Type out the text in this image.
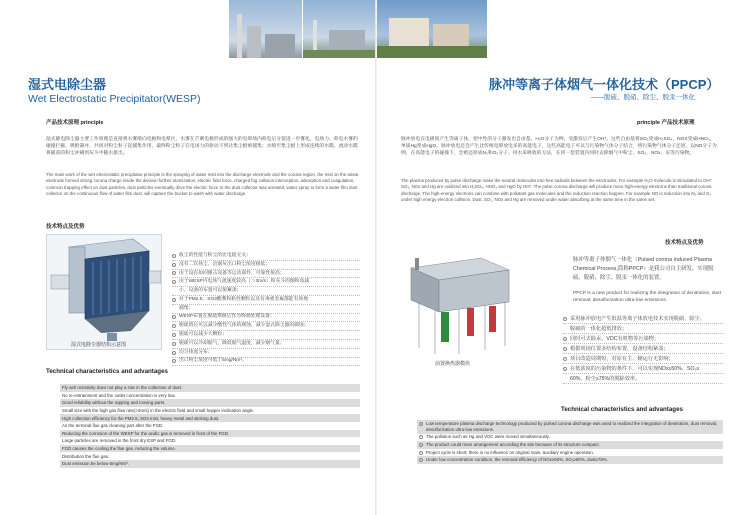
湿式电除尘器
Wet Electrostatic Precipitator(WESP)
产品技术原理 principle
湿式静电除尘器主要工作原理是直接将水雾喷向电极和电晕区，水雾在芒刺电极形成的强大的电晕场内荷电后分裂进一步雾化，电场力、荷电水雾的碰撞拦截、吸附凝并，共同对粉尘粒子起捕集作用，最终粉尘粒子在电场力的驱动下到达集尘板被捕集；水喷至集尘板上形成连续的水膜，流动水膜将捕获的粉尘冲刷到灰斗中随水排出。
The main work of the wet electrostatic precipitator principle is the spraying of water mist into the discharge electrode and the corona region, the mist on the arista electrode formed strong corona charge inside the division further atomization, electric field force, charged fog collision interception, adsorption and coagulation, common trapping effect on dust particles, dust particles eventually drive the electric force to the dust collector was arrested, water spray to form a water film dust collector on the continuous flow of water film dust, will capture the bucket to wash with water discharge.
技术特点及优势
湿式电除尘器结构示意图
收尘的性能与粉尘的比电阻无关；
没有二次扬尘，出烟灰出口粉尘浓度极低；
由于没有如同锤击设备等运动部件，可靠性很高；
由于WESP内电场气流速度较高（＞3m/s）和灰斗的烟和角减
小，设备的布置可以很紧凑；
对于PM2.5、SO3酸雾和粘性颗粒以及有毒重金属都能有效地
捕集；
WESP布置在脱硫系统后作为终端处理设备；
脱硫塔后可以减少酸性气体的腐蚀，减少湿式除尘器的腐蚀；
脱硫可以减少大颗粒；
脱硫可以冷却烟气，降低烟气温度，减少烟气量；
均匀排流分布；
出口粉尘浓度可低于5mg/Nm³。
Technical characteristics and advantages
Fly ash resistivity does not play a role in the collection of dust.
No re-entrainment and the outlet concentration is very low.
Good reliability without the rapping and moving parts.
Small size with the high gas flow rate(>3m/s) in the electric field and small hopper inclination angle.
High collection efficiency for the PM2.5, SO3 mist, heavy metal and sticking dust.
As the terminal flue gas cleaning part after the FGD.
Reducing the corrosion of the WESP for the acidic gas is removed in front of the FGD.
Large particles are removed in the front dry ESP and FGD.
FGD causes the cooling the flue gas, reducing the volume.
Distribution the flue gas.
Dust emission be below 5mg/Nm³.
脉冲等离子体烟气一体化技术（PPCP）
——脱硫、脱硝、除尘、脱汞一体化
principle 产品技术原理
脉冲放电在电极间产生等离子体，把中性的分子激发出自由基，H₂O分子为例，受激发后产生OH*。这些自由基将SO₂变成H₂SO₄，NOX变成HNO₃，单质Hg变成HgO。脉冲放电还会产生比传统电晕放电多的高能电子，这些高能电子可以与污染物气体分子结合，将污染物气体分子还原。以NO分子为例，在高能电子的碰撞下，会被还原成N₂和O₂分子。用水来吸收的方法，在同一套装置内同时去除烟气中粉尘、SO₂、NOx、汞等污染物。
The plasma produced by pulse discharge make the neutral molecules into free radicals between the electrodes. For example H₂O molecule is stimulated to OH*. SO₂, NOx and Hg are oxidized into H₂SO₄, HNO₃ and HgO by OH*. The pulse corona discharge will produce more high-energy electrons than traditional corona discharge. The high-energy electrons can combine with pollutant gas molecules and the reduction reaction happen. For example NO is reduction into N₂ and O₂ under high energy electron collision. Dust, SO₂, NOx and Hg are removed under water absorbing at the same time in the same set.
技术特点及优势
前置换热器模块
脉冲等离子体烟气一体化（Pulsed corona induced Plasma Chemical Process,简称PPCP）是我公司自主研发、实现脱硫、脱硝、除尘、脱汞一体化的装置。
PPCP is a new product for realizing the integration of denitration, dust removal, desulfurization ultra-low emissions.
采用脉冲放电产生低温等离子体放电技术实现脱硝、除尘、
脱硫的一体化超低排放；
同时可去除汞、VOC有机物等污染物；
根据现场位置多结构布置，设备结构紧凑；
项目改造周期短，对原有主、辅运行无影响；
在低浓度的污染物的条件下，可以实现NOx≥50%、SO₂≥
60%、粉尘≥75%的脱除效率。
Technical characteristics and advantages
Low temperature plasma discharge technology produced by pulsed corona discharge was used to realized the integration of denitration, dust removal, desulfurization ultra-low emissions.
The pollution such as Hg and VOC were moved simultaneously.
The product could more arrangement according the site because of its structure compact.
Project cycle is short; there is no influence on original main, auxiliary engine operation.
Under low concentration condition, the removal efficiency of NOx≥50%, SO₂≥60%, dust≥75%.
